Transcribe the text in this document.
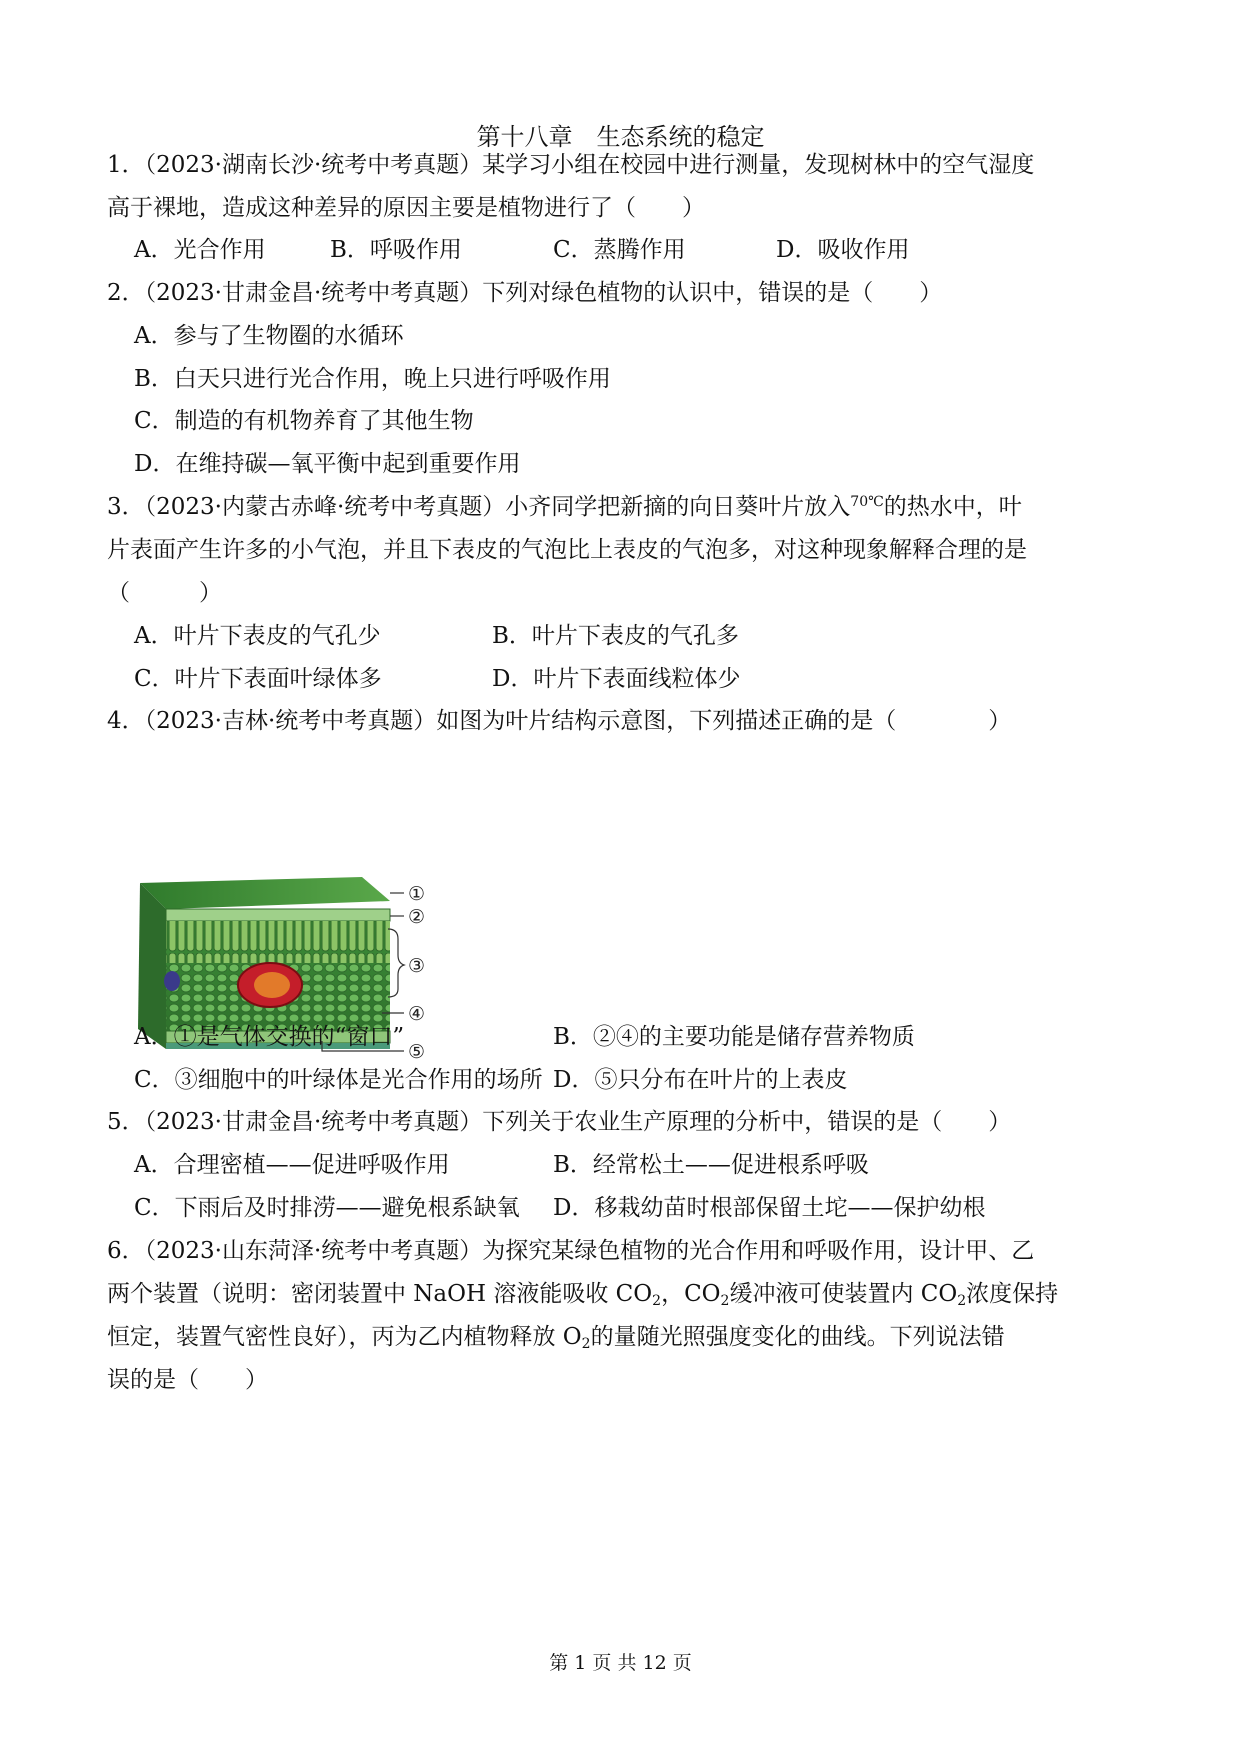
第十八章　生态系统的稳定
1．（2023·湖南长沙·统考中考真题）某学习小组在校园中进行测量，发现树林中的空气湿度
高于裸地，造成这种差异的原因主要是植物进行了（　　）
A．光合作用	B．呼吸作用	C．蒸腾作用	D．吸收作用
2．（2023·甘肃金昌·统考中考真题）下列对绿色植物的认识中，错误的是（　　）
A．参与了生物圈的水循环
B．白天只进行光合作用，晚上只进行呼吸作用
C．制造的有机物养育了其他生物
D．在维持碳—氧平衡中起到重要作用
3．（2023·内蒙古赤峰·统考中考真题）小齐同学把新摘的向日葵叶片放入$^{70℃}$的热水中，叶
片表面产生许多的小气泡，并且下表皮的气泡比上表皮的气泡多，对这种现象解释合理的是
（　　　）
A．叶片下表皮的气孔少	B．叶片下表皮的气孔多
C．叶片下表面叶绿体多	D．叶片下表面线粒体少
4．（2023·吉林·统考中考真题）如图为叶片结构示意图，下列描述正确的是（　　　　）
①
②
③
④
⑤
A．①是气体交换的“窗口”	B．②④的主要功能是储存营养物质
C．③细胞中的叶绿体是光合作用的场所 D．⑤只分布在叶片的上表皮
5．（2023·甘肃金昌·统考中考真题）下列关于农业生产原理的分析中，错误的是（　　）
A．合理密植——促进呼吸作用	B．经常松土——促进根系呼吸
C．下雨后及时排涝——避免根系缺氧 D．移栽幼苗时根部保留土坨——保护幼根
6．（2023·山东菏泽·统考中考真题）为探究某绿色植物的光合作用和呼吸作用，设计甲、乙
两个装置（说明：密闭装置中 NaOH 溶液能吸收 $CO_2$，$CO_2$缓冲液可使装置内 $CO_2$浓度保持
恒定，装置气密性良好），丙为乙内植物释放 $O_2$的量随光照强度变化的曲线。下列说法错
误的是（　　）
第 1 页 共 12 页
